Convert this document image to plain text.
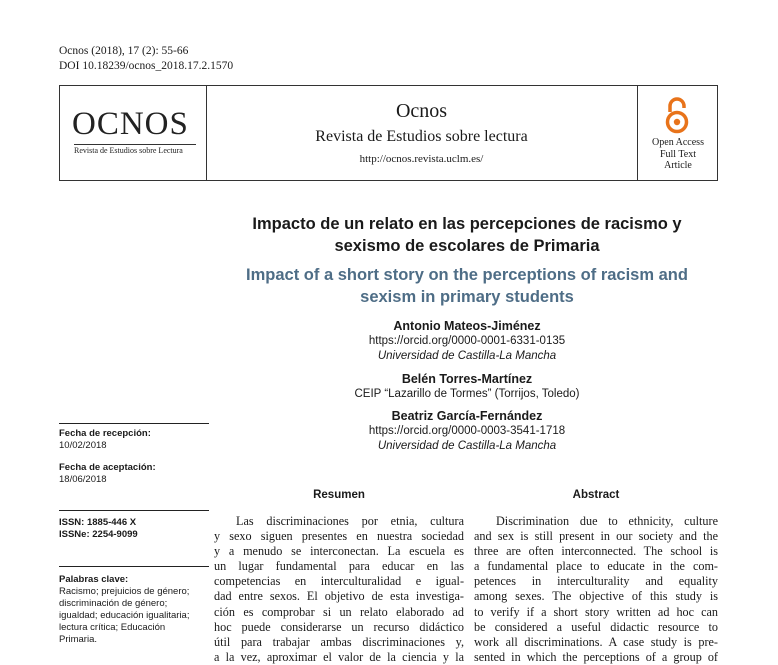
Ocnos (2018), 17 (2): 55-66
DOI 10.18239/ocnos_2018.17.2.1570
OCNOS
Revista de Estudios sobre Lectura
Ocnos
Revista de Estudios sobre lectura
http://ocnos.revista.uclm.es/
Open Access
Full Text
Article
Impacto de un relato en las percepciones de racismo y
sexismo de escolares de Primaria
Impact of a short story on the perceptions of racism and
sexism in primary students
Antonio Mateos-Jiménez
https://orcid.org/0000-0001-6331-0135
Universidad de Castilla-La Mancha
Belén Torres-Martínez
CEIP “Lazarillo de Tormes” (Torrijos, Toledo)
Beatriz García-Fernández
https://orcid.org/0000-0003-3541-1718
Universidad de Castilla-La Mancha
Fecha de recepción:
10/02/2018
Fecha de aceptación:
18/06/2018
ISSN: 1885-446 X
ISSNe: 2254-9099
Palabras clave:
Racismo; prejuicios de género;
discriminación de género;
igualdad; educación igualitaria;
lectura crítica; Educación
Primaria.
Resumen
Las discriminaciones por etnia, cultura
y sexo siguen presentes en nuestra sociedad
y a menudo se interconectan. La escuela es
un lugar fundamental para educar en las
competencias en interculturalidad e igual-
dad entre sexos. El objetivo de esta investiga-
ción es comprobar si un relato elaborado ad
hoc puede considerarse un recurso didáctico
útil para trabajar ambas discriminaciones y,
a la vez, aproximar el valor de la ciencia y la
Abstract
Discrimination due to ethnicity, culture
and sex is still present in our society and the
three are often interconnected. The school is
a fundamental place to educate in the com-
petences in interculturality and equality
among sexes. The objective of this study is
to verify if a short story written ad hoc can
be considered a useful didactic resource to
work all discriminations. A case study is pre-
sented in which the perceptions of a group of
